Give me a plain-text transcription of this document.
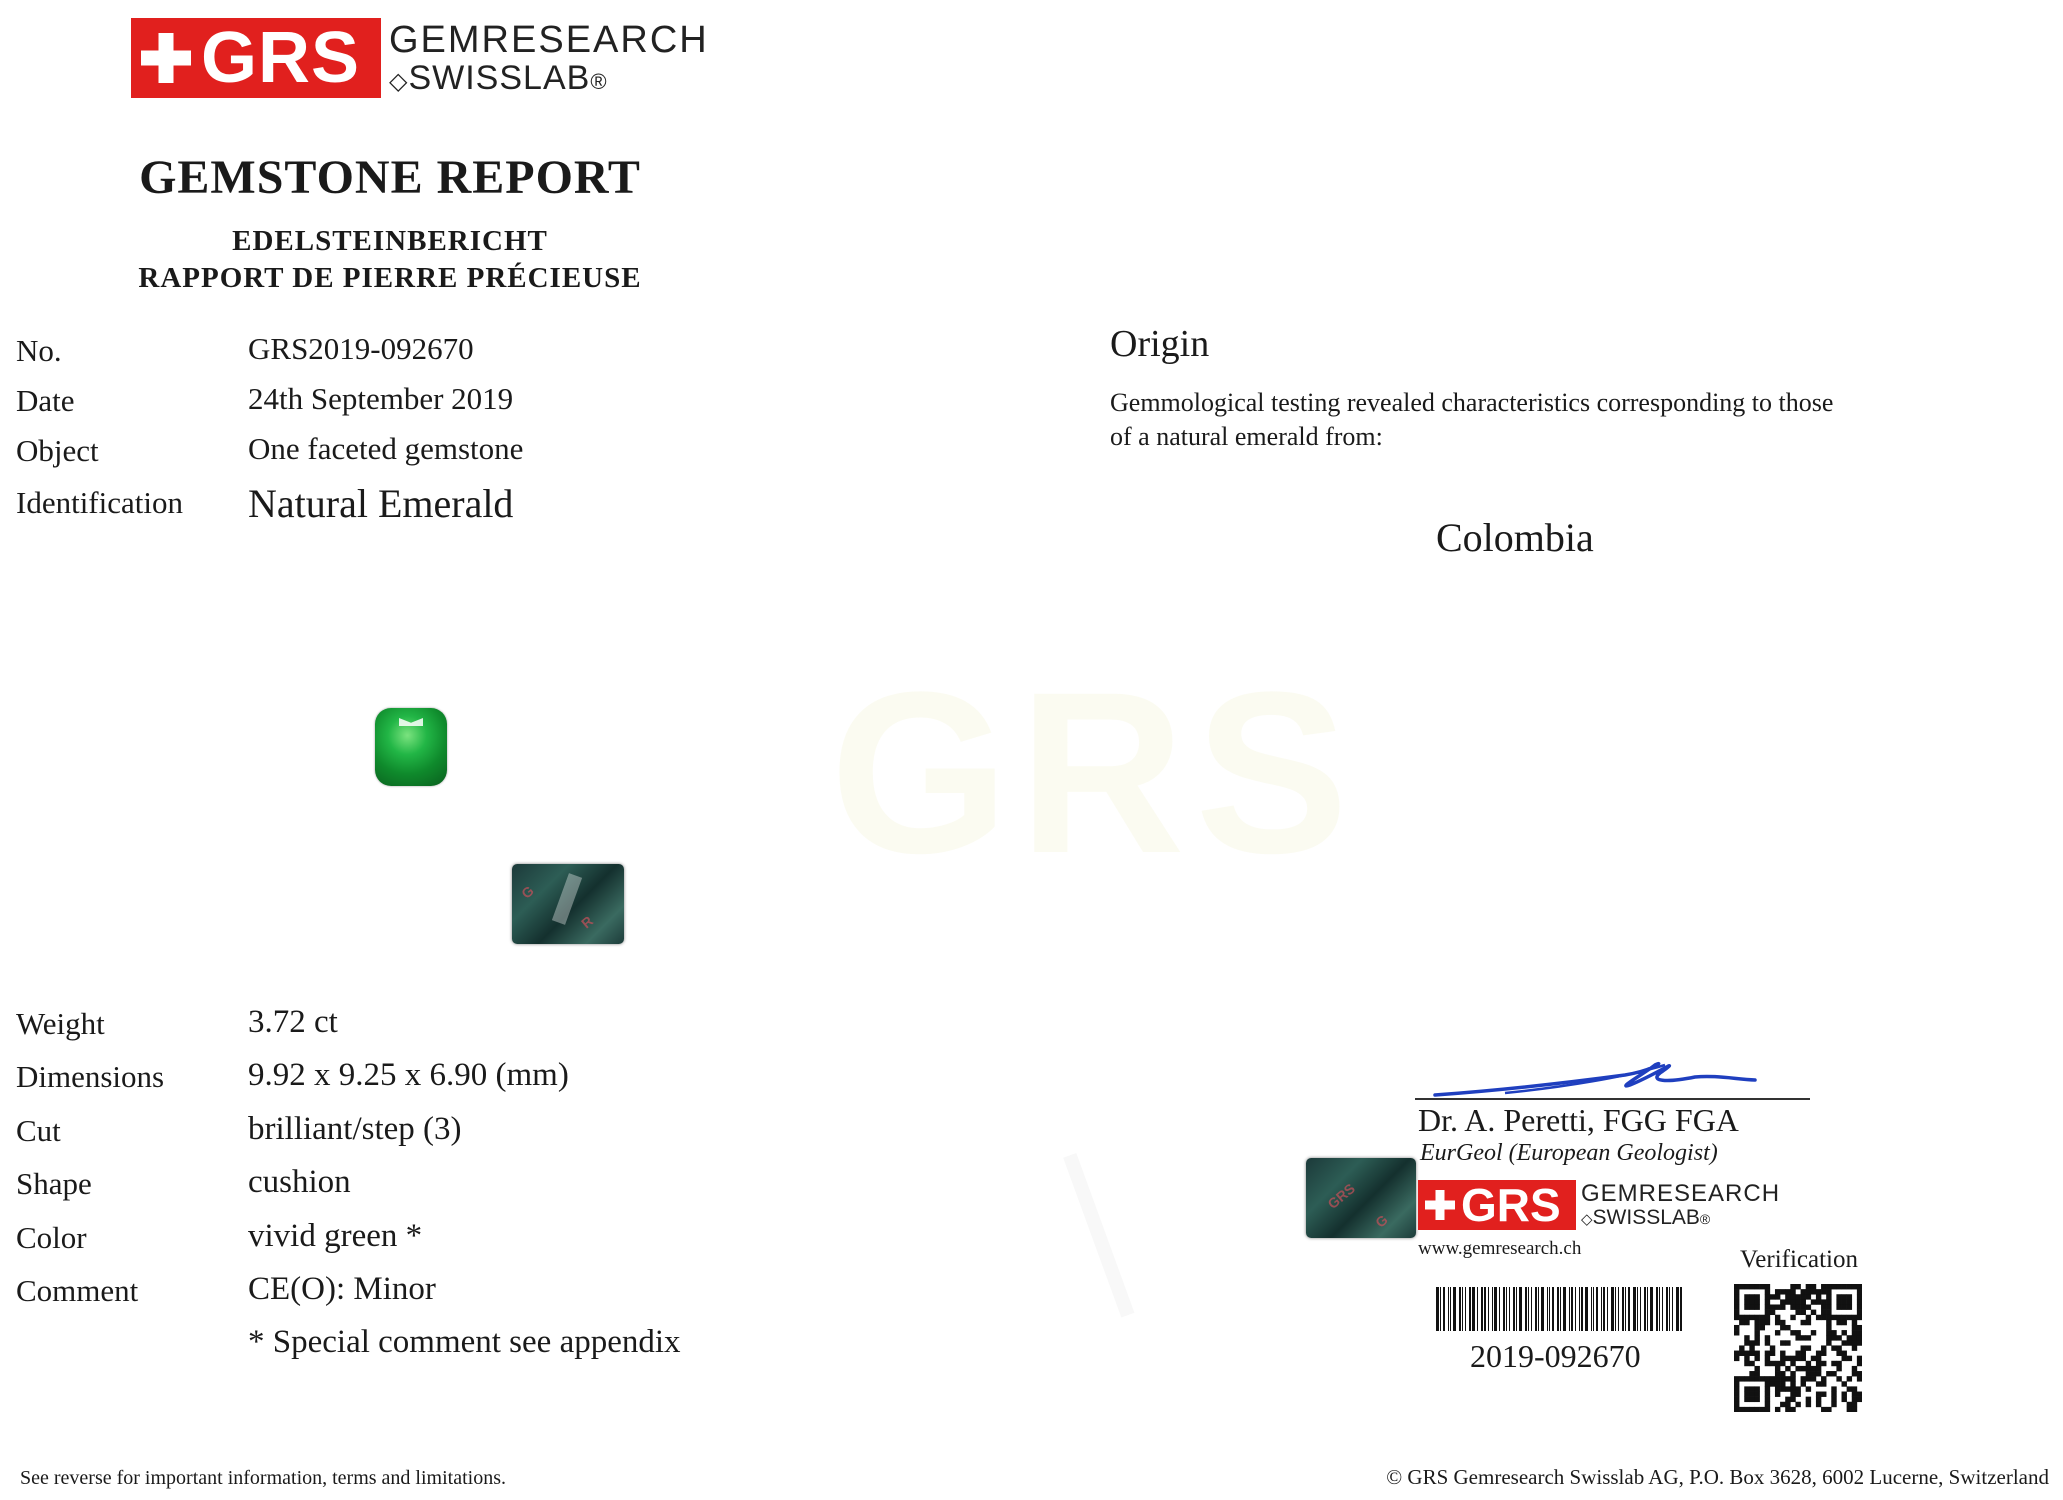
GRS
GRS GEMRESEARCH
◇SWISSLAB®
GEMSTONE REPORT
EDELSTEINBERICHT
RAPPORT DE PIERRE PRÉCIEUSE
No.	GRS2019-092670
Date	24th September 2019
Object	One faceted gemstone
Identification Natural Emerald
G
R
Weight	3.72 ct
Dimensions	9.92 x 9.25 x 6.90 (mm)
Cut	brilliant/step (3)
Shape	cushion
Color	vivid green *
Comment	CE(O): Minor
* Special comment see appendix
Origin
Gemmological testing revealed characteristics corresponding to those
of a natural emerald from:
Colombia
Dr. A. Peretti, FGG FGA
EurGeol (European Geologist)
GRS
G GRS GEMRESEARCH
◇SWISSLAB®
www.gemresearch.ch	Verification
2019-092670
See reverse for important information, terms and limitations.	© GRS Gemresearch Swisslab AG, P.O. Box 3628, 6002 Lucerne, Switzerland
